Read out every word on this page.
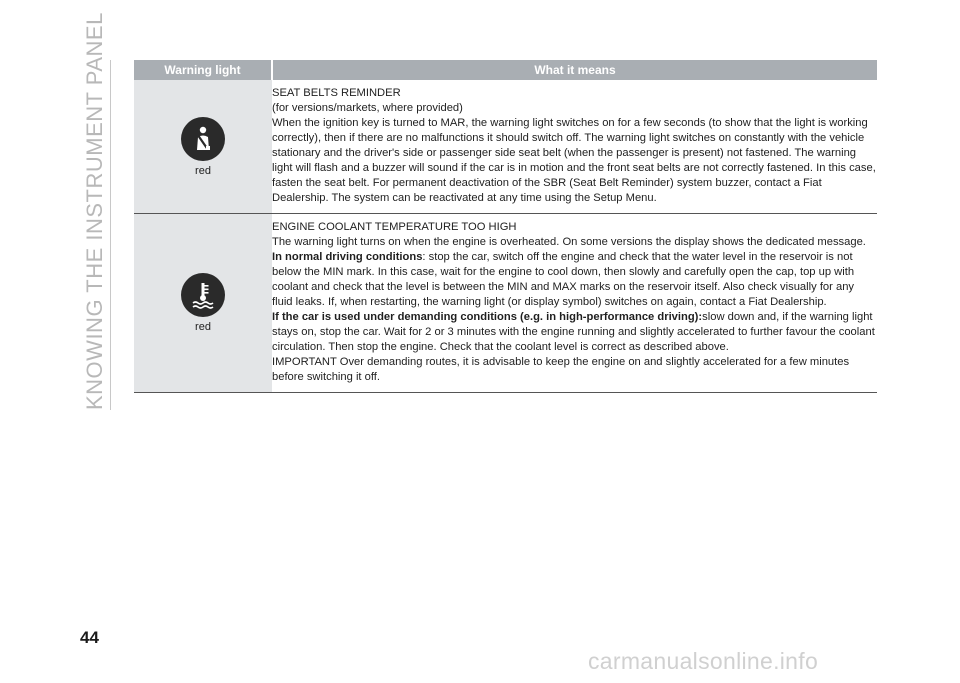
KNOWING THE INSTRUMENT PANEL	Warning light	What it means

red	SEAT BELTS REMINDER

(for versions/markets, where provided)

When the ignition key is turned to MAR, the warning light switches on for a few seconds (to show that the light is working correctly), then if there are no malfunctions it should switch off. The warning light switches on constantly with the vehicle stationary and the driver's side or passenger side seat belt (when the passenger is present) not fastened. The warning light will flash and a buzzer will sound if the car is in motion and the front seat belts are not correctly fastened. In this case, fasten the seat belt. For permanent deactivation of the SBR (Seat Belt Reminder) system buzzer, contact a Fiat Dealership. The system can be reactivated at any time using the Setup Menu.

red	ENGINE COOLANT TEMPERATURE TOO HIGH

The warning light turns on when the engine is overheated. On some versions the display shows the dedicated message.

In normal driving conditions: stop the car, switch off the engine and check that the water level in the reservoir is not below the MIN mark. In this case, wait for the engine to cool down, then slowly and carefully open the cap, top up with coolant and check that the level is between the MIN and MAX marks on the reservoir itself. Also check visually for any fluid leaks. If, when restarting, the warning light (or display symbol) switches on again, contact a Fiat Dealership.

If the car is used under demanding conditions (e.g. in high-performance driving):slow down and, if the warning light stays on, stop the car. Wait for 2 or 3 minutes with the engine running and slightly accelerated to further favour the coolant circulation. Then stop the engine. Check that the coolant level is correct as described above.

IMPORTANT Over demanding routes, it is advisable to keep the engine on and slightly accelerated for a few minutes before switching it off.

44
carmanualsonline.info
